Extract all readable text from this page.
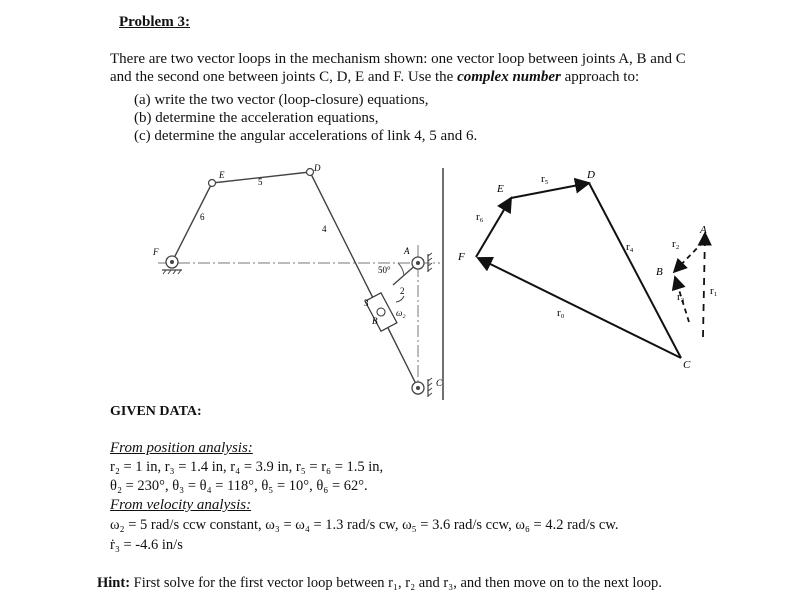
Problem 3:
There are two vector loops in the mechanism shown: one vector loop between joints A, B and C
and the second one between joints C, D, E and F. Use the complex number approach to:
(a) write the two vector (loop-closure) equations,
(b) determine the acceleration equations,
(c) determine the angular accelerations of link 4, 5 and 6.
E
D
F	A
B
C
5
6
4
2
3
50°
ω₂
E
D
F
A
B
C
r₅
r₆
r₄
r₀
r₂
r₃ r₁
GIVEN DATA:
From position analysis:
r₂ = 1 in, r₃ = 1.4 in, r₄ = 3.9 in, r₅ = r₆ = 1.5 in,
θ₂ = 230°, θ₃ = θ₄ = 118°, θ₅ = 10°, θ₆ = 62°.
From velocity analysis:
ω₂ = 5 rad/s ccw constant, ω₃ = ω₄ = 1.3 rad/s cw, ω₅ = 3.6 rad/s ccw, ω₆ = 4.2 rad/s cw.
ṙ₃ = -4.6 in/s
Hint: First solve for the first vector loop between r₁, r₂ and r₃, and then move on to the next loop.
